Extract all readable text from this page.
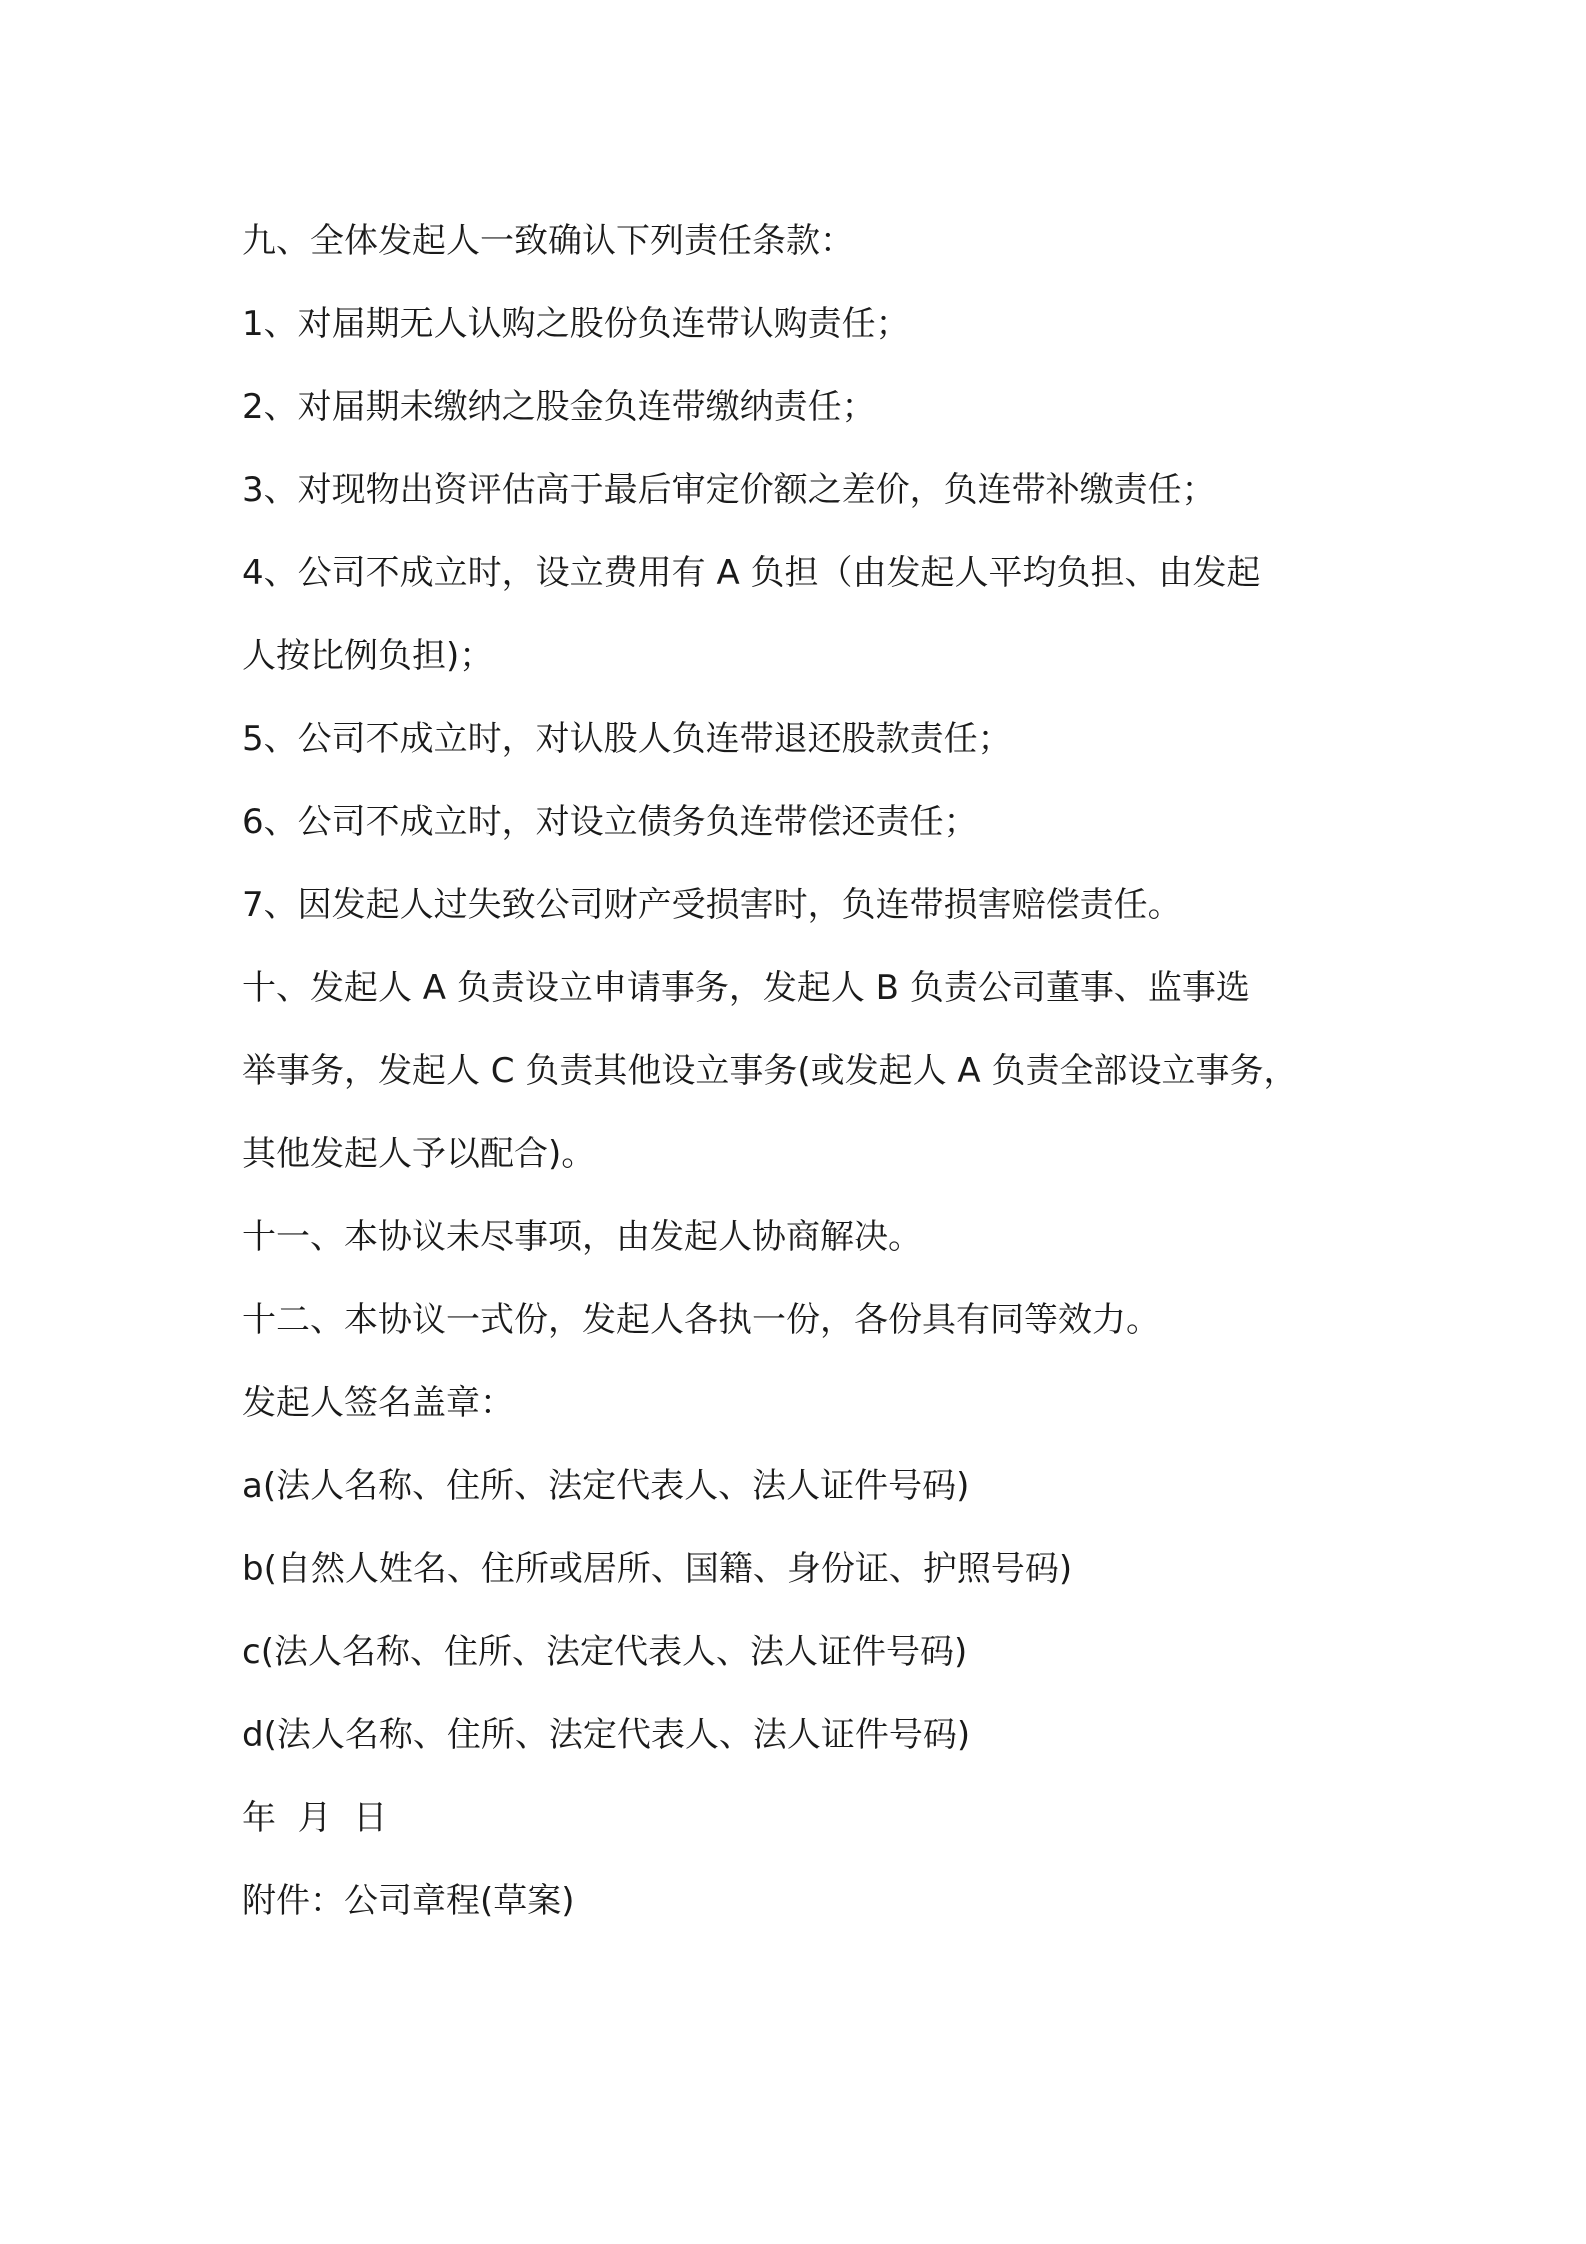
九、全体发起人一致确认下列责任条款：

1、对届期无人认购之股份负连带认购责任；

2、对届期未缴纳之股金负连带缴纳责任；

3、对现物出资评估高于最后审定价额之差价，负连带补缴责任；

4、公司不成立时，设立费用有 A 负担（由发起人平均负担、由发起

人按比例负担)；

5、公司不成立时，对认股人负连带退还股款责任；

6、公司不成立时，对设立债务负连带偿还责任；

7、因发起人过失致公司财产受损害时，负连带损害赔偿责任。

十、发起人 A 负责设立申请事务，发起人 B 负责公司董事、监事选

举事务，发起人 C 负责其他设立事务(或发起人 A 负责全部设立事务，

其他发起人予以配合)。

十一、本协议未尽事项，由发起人协商解决。

十二、本协议一式份，发起人各执一份，各份具有同等效力。

发起人签名盖章：

a(法人名称、住所、法定代表人、法人证件号码)

b(自然人姓名、住所或居所、国籍、身份证、护照号码)

c(法人名称、住所、法定代表人、法人证件号码)

d(法人名称、住所、法定代表人、法人证件号码)

年  月  日

附件：公司章程(草案)
